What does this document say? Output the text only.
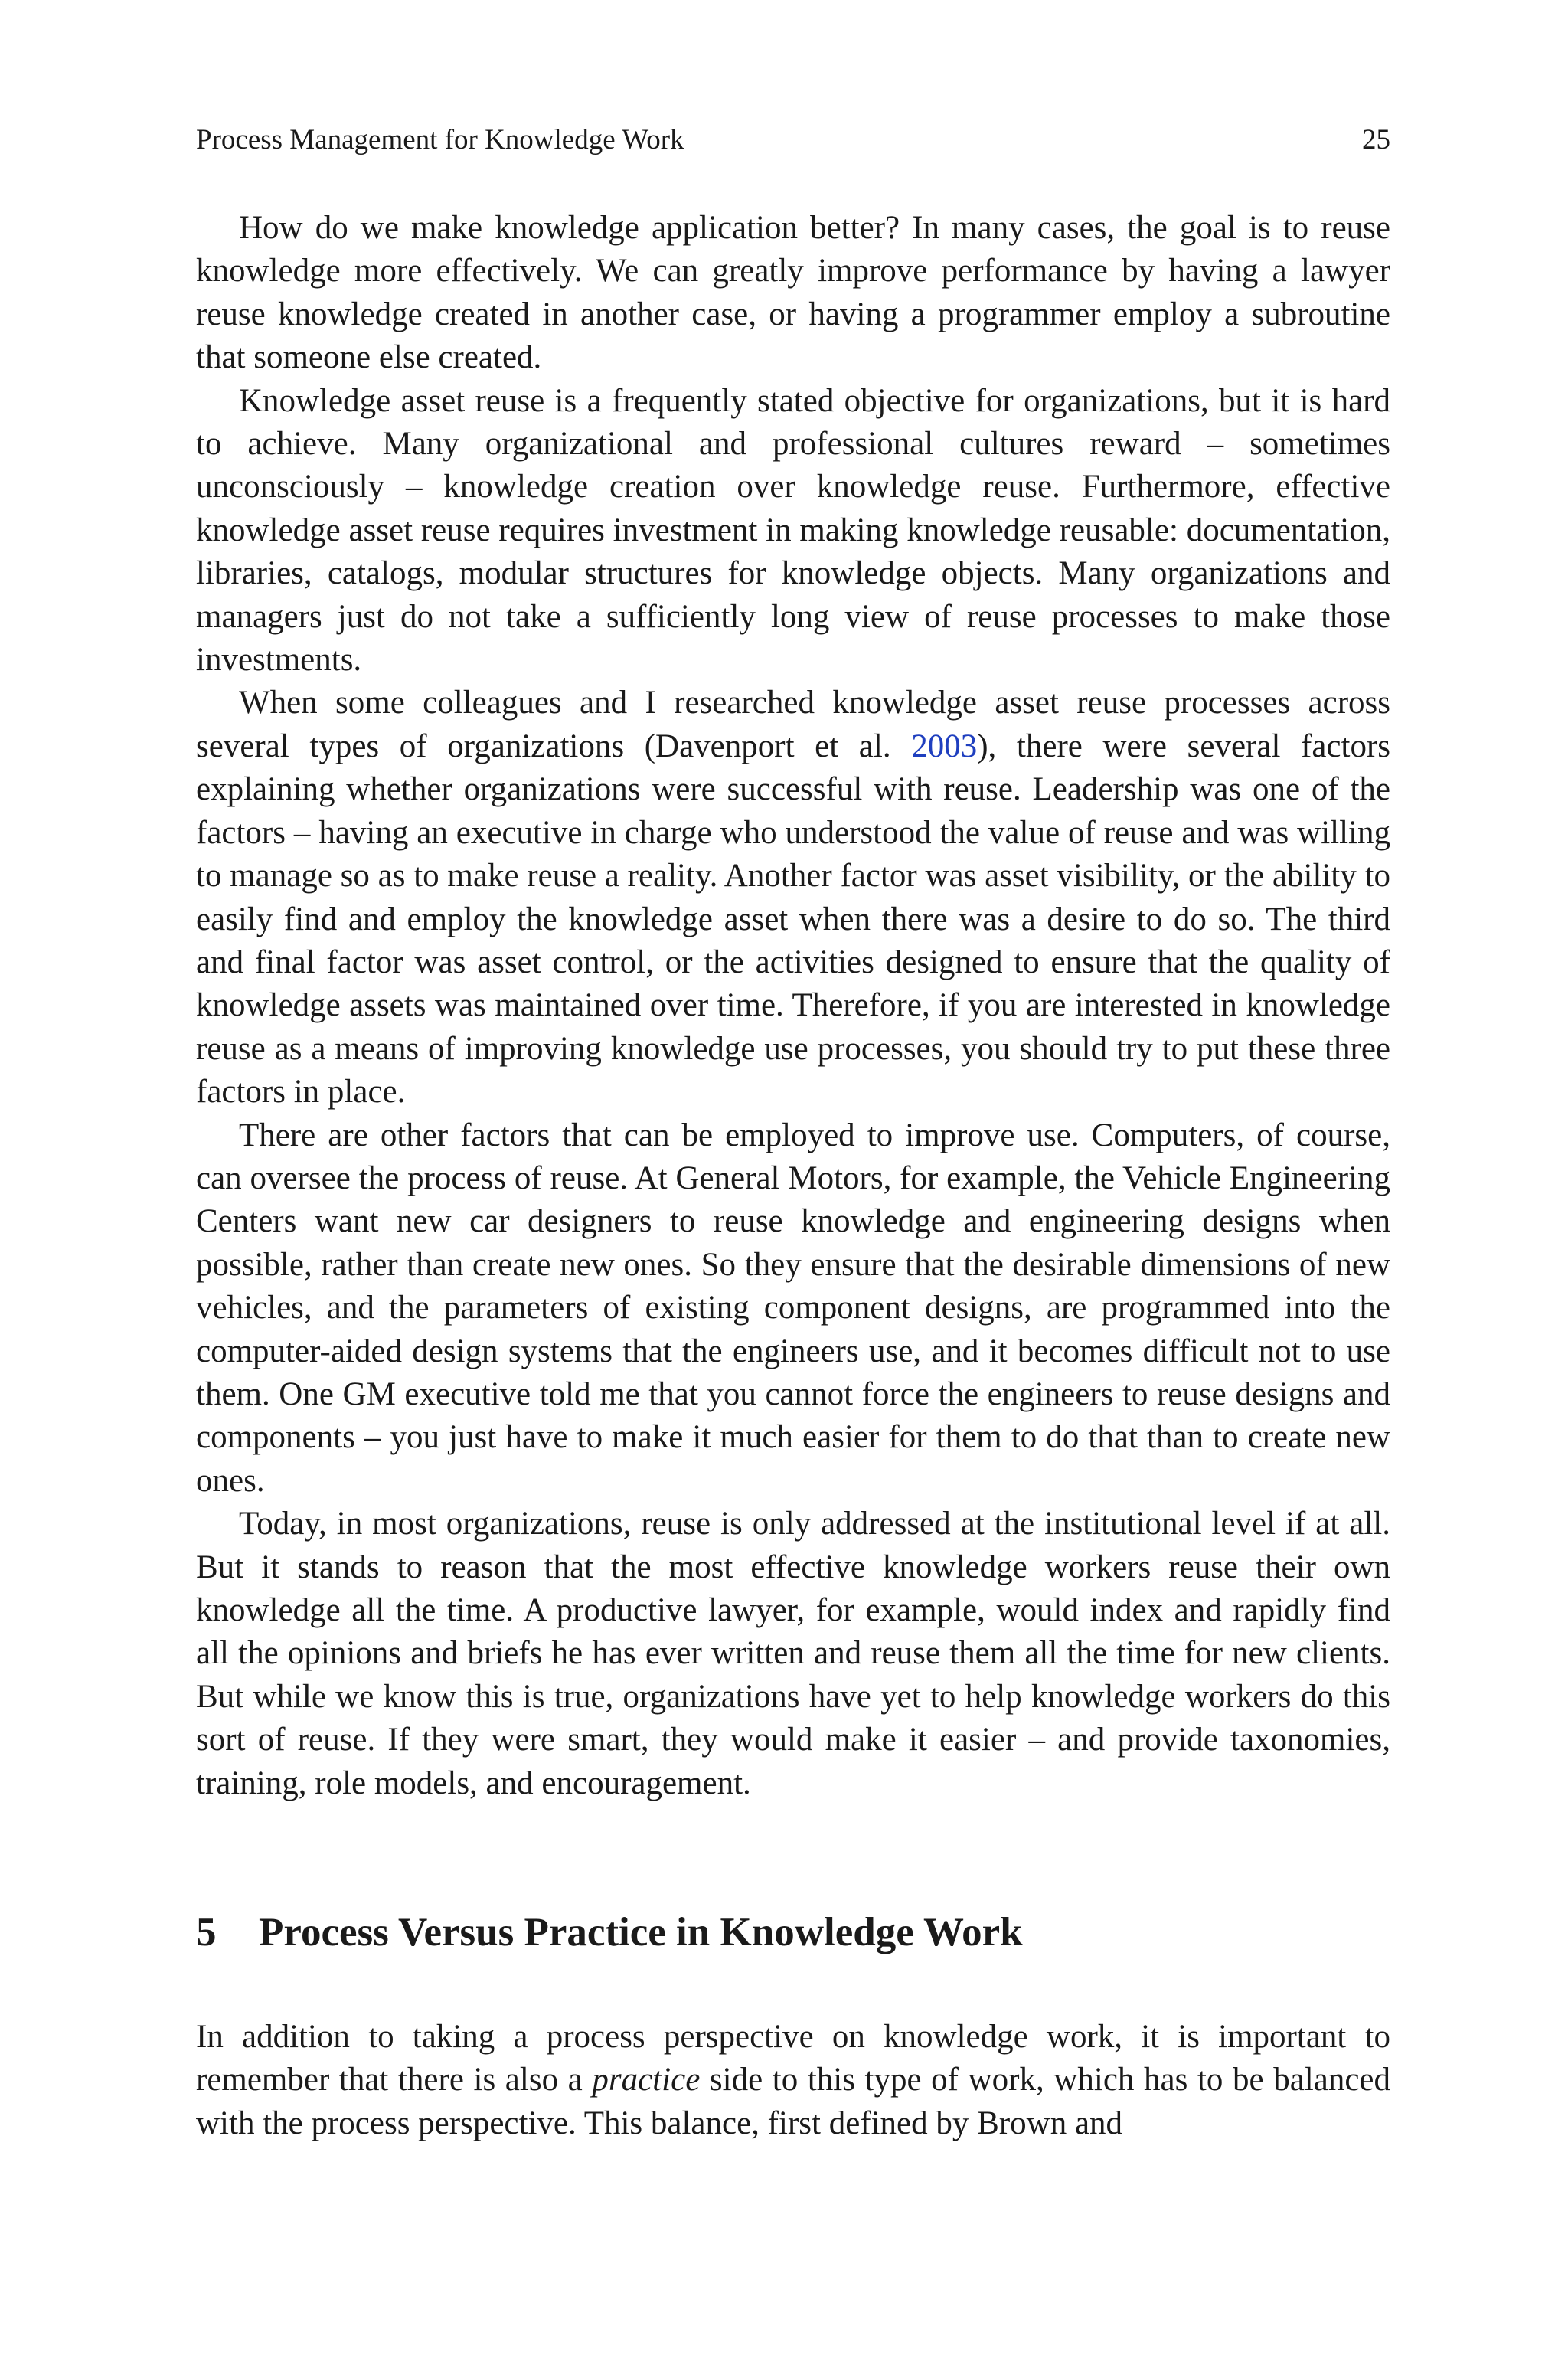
Process Management for Knowledge Work	25

How do we make knowledge application better? In many cases, the goal is to reuse knowledge more effectively. We can greatly improve performance by having a lawyer reuse knowledge created in another case, or having a programmer employ a subroutine that someone else created.

Knowledge asset reuse is a frequently stated objective for organizations, but it is hard to achieve. Many organizational and professional cultures reward – sometimes unconsciously – knowledge creation over knowledge reuse. Furthermore, effective knowledge asset reuse requires investment in making knowledge reusable: documentation, libraries, catalogs, modular structures for knowledge objects. Many organizations and managers just do not take a sufficiently long view of reuse processes to make those investments.

When some colleagues and I researched knowledge asset reuse processes across several types of organizations (Davenport et al. 2003), there were several factors explaining whether organizations were successful with reuse. Leadership was one of the factors – having an executive in charge who understood the value of reuse and was willing to manage so as to make reuse a reality. Another factor was asset visibility, or the ability to easily find and employ the knowledge asset when there was a desire to do so. The third and final factor was asset control, or the activities designed to ensure that the quality of knowledge assets was maintained over time. Therefore, if you are interested in knowledge reuse as a means of improving knowledge use processes, you should try to put these three factors in place.

There are other factors that can be employed to improve use. Computers, of course, can oversee the process of reuse. At General Motors, for example, the Vehicle Engineering Centers want new car designers to reuse knowledge and engineering designs when possible, rather than create new ones. So they ensure that the desirable dimensions of new vehicles, and the parameters of existing component designs, are programmed into the computer-aided design systems that the engineers use, and it becomes difficult not to use them. One GM executive told me that you cannot force the engineers to reuse designs and components – you just have to make it much easier for them to do that than to create new ones.

Today, in most organizations, reuse is only addressed at the institutional level if at all. But it stands to reason that the most effective knowledge workers reuse their own knowledge all the time. A productive lawyer, for example, would index and rapidly find all the opinions and briefs he has ever written and reuse them all the time for new clients. But while we know this is true, organizations have yet to help knowledge workers do this sort of reuse. If they were smart, they would make it easier – and provide taxonomies, training, role models, and encouragement.

5 Process Versus Practice in Knowledge Work

In addition to taking a process perspective on knowledge work, it is important to remember that there is also a practice side to this type of work, which has to be balanced with the process perspective. This balance, first defined by Brown and
